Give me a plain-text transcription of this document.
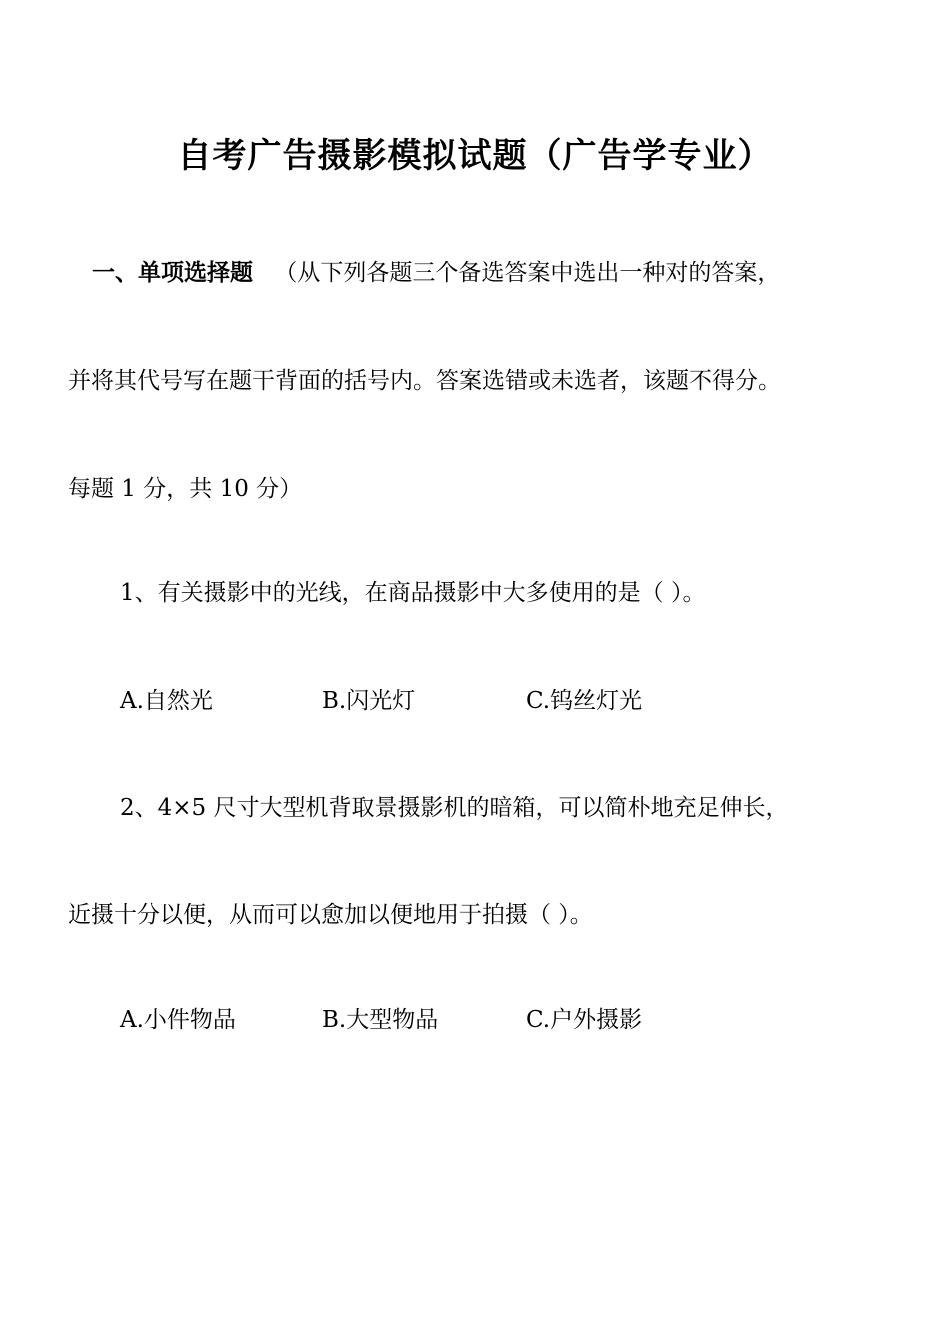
自考广告摄影模拟试题（广告学专业）
一、单项选择题 （从下列各题三个备选答案中选出一种对的答案，
并将其代号写在题干背面的括号内。答案选错或未选者，该题不得分。
每题 1 分，共 10 分）
1、有关摄影中的光线，在商品摄影中大多使用的是（ ）。
A.自然光	B.闪光灯	C.钨丝灯光
2、4×5 尺寸大型机背取景摄影机的暗箱，可以简朴地充足伸长，
近摄十分以便，从而可以愈加以便地用于拍摄（ ）。
A.小件物品	B.大型物品	C.户外摄影
